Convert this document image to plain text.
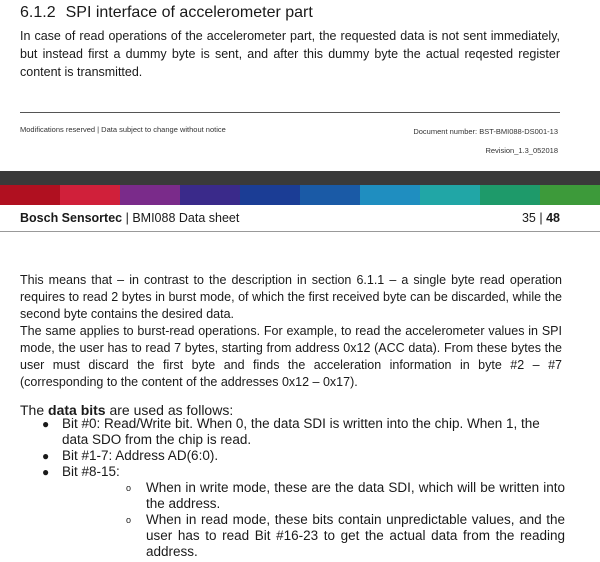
6.1.2 SPI interface of accelerometer part
In case of read operations of the accelerometer part, the requested data is not sent immediately, but instead first a dummy byte is sent, and after this dummy byte the actual reqested register content is transmitted.
Modifications reserved | Data subject to change without notice	Document number: BST-BMI088-DS001-13
Revision_1.3_052018
Bosch Sensortec | BMI088 Data sheet	35 | 48

This means that – in contrast to the description in section 6.1.1 – a single byte read operation requires to read 2 bytes in burst mode, of which the first received byte can be discarded, while the second byte contains the desired data.

The same applies to burst-read operations. For example, to read the accelerometer values in SPI mode, the user has to read 7 bytes, starting from address 0x12 (ACC data). From these bytes the user must discard the first byte and finds the acceleration information in byte #2 – #7 (corresponding to the content of the addresses 0x12 – 0x17).

The data bits are used as follows:
● Bit #0: Read/Write bit. When 0, the data SDI is written into the chip. When 1, the data SDO from the chip is read.
● Bit #1-7: Address AD(6:0).
● Bit #8-15:
o When in write mode, these are the data SDI, which will be written into the address.
o When in read mode, these bits contain unpredictable values, and the user has to read Bit #16-23 to get the actual data from the reading address.
